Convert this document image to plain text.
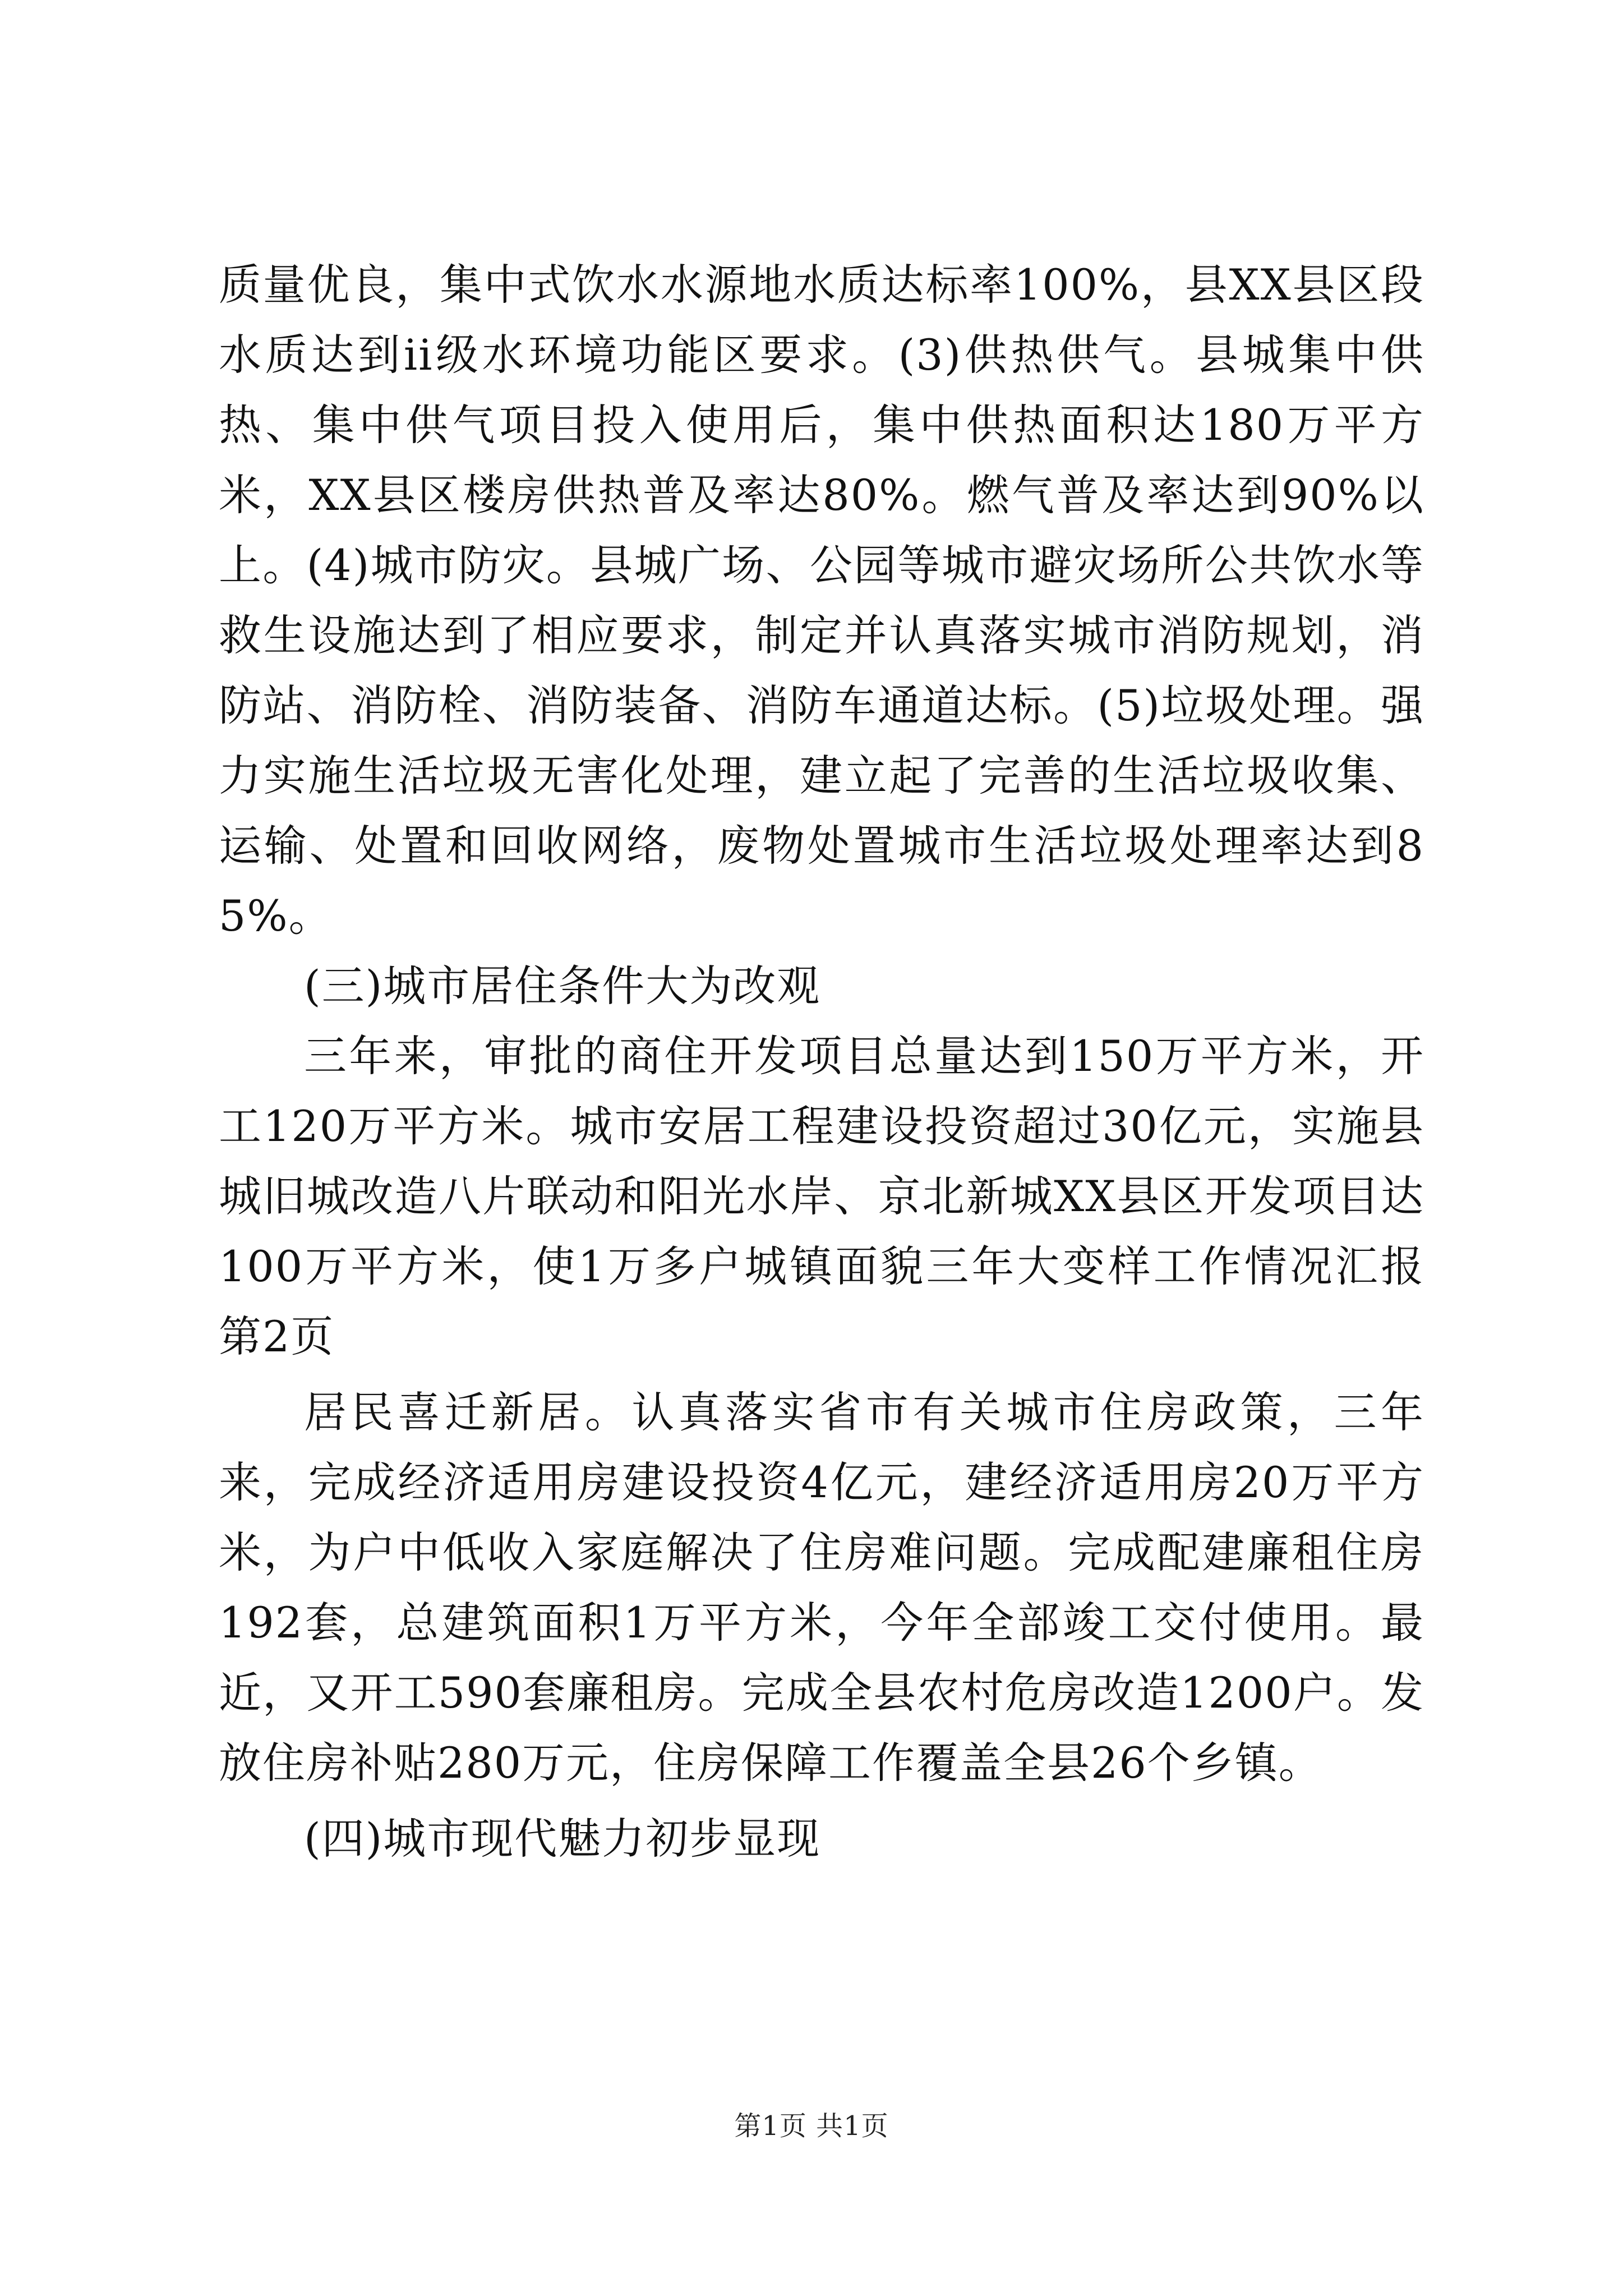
质量优良，集中式饮水水源地水质达标率100%，县XX县区段水质达到ii级水环境功能区要求。(3)供热供气。县城集中供热、集中供气项目投入使用后，集中供热面积达180万平方米，XX县区楼房供热普及率达80%。燃气普及率达到90%以上。(4)城市防灾。县城广场、公园等城市避灾场所公共饮水等救生设施达到了相应要求，制定并认真落实城市消防规划，消防站、消防栓、消防装备、消防车通道达标。(5)垃圾处理。强力实施生活垃圾无害化处理，建立起了完善的生活垃圾收集、运输、处置和回收网络，废物处置城市生活垃圾处理率达到85%。

(三)城市居住条件大为改观

三年来，审批的商住开发项目总量达到150万平方米，开工120万平方米。城市安居工程建设投资超过30亿元，实施县城旧城改造八片联动和阳光水岸、京北新城XX县区开发项目达100万平方米，使1万多户城镇面貌三年大变样工作情况汇报第2页

居民喜迁新居。认真落实省市有关城市住房政策，三年来，完成经济适用房建设投资4亿元，建经济适用房20万平方米，为户中低收入家庭解决了住房难问题。完成配建廉租住房192套，总建筑面积1万平方米，今年全部竣工交付使用。最近，又开工590套廉租房。完成全县农村危房改造1200户。发放住房补贴280万元，住房保障工作覆盖全县26个乡镇。

(四)城市现代魅力初步显现

第1页 共1页
